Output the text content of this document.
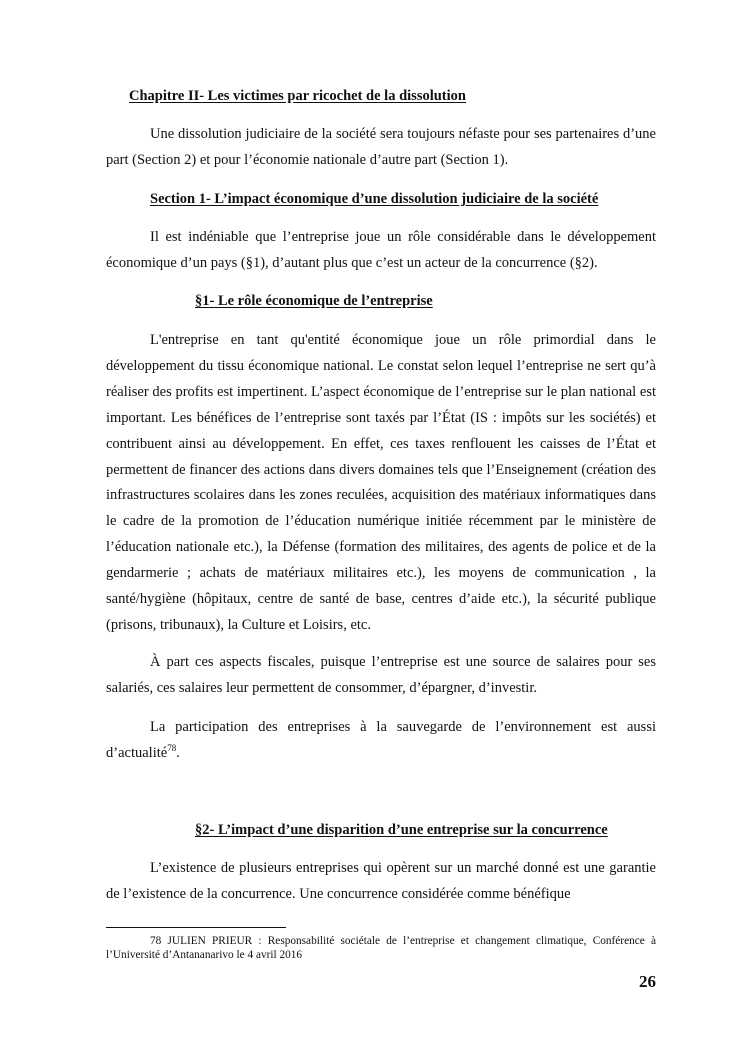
Chapitre II- Les victimes par ricochet de la dissolution

Une dissolution judiciaire de la société sera toujours néfaste pour ses partenaires d’une part (Section 2) et pour l’économie nationale d’autre part (Section 1).

Section 1- L’impact économique d’une dissolution judiciaire de la société

Il est indéniable que l’entreprise joue un rôle considérable dans le développement économique d’un pays (§1), d’autant plus que c’est un acteur de la concurrence (§2).

§1- Le rôle économique de l’entreprise

L'entreprise en tant qu'entité économique joue un rôle primordial dans le développement du tissu économique national. Le constat selon lequel l’entreprise ne sert qu’à réaliser des profits est impertinent. L’aspect économique de l’entreprise sur le plan national est important. Les bénéfices de l’entreprise sont taxés par l’État (IS : impôts sur les sociétés) et contribuent ainsi au développement. En effet, ces taxes renflouent les caisses de l’État et permettent de financer des actions dans divers domaines tels que l’Enseignement (création des infrastructures scolaires dans les zones reculées, acquisition des matériaux informatiques dans le cadre de la promotion de l’éducation numérique initiée récemment par le ministère de l’éducation nationale etc.), la Défense (formation des militaires, des agents de police et de la gendarmerie ; achats de matériaux militaires etc.), les moyens de communication , la santé/hygiène (hôpitaux, centre de santé de base, centres d’aide etc.), la sécurité publique (prisons, tribunaux), la Culture et Loisirs, etc.

À part ces aspects fiscales, puisque l’entreprise est une source de salaires pour ses salariés, ces salaires leur permettent de consommer, d’épargner, d’investir.

La participation des entreprises à la sauvegarde de l’environnement est aussi d’actualité$^{78}$.

§2- L’impact d’une disparition d’une entreprise sur la concurrence

L’existence de plusieurs entreprises qui opèrent sur un marché donné est une garantie de l’existence de la concurrence. Une concurrence considérée comme bénéfique

78 JULIEN PRIEUR : Responsabilité sociétale de l’entreprise et changement climatique, Conférence à l’Université d’Antananarivo le 4 avril 2016

26
